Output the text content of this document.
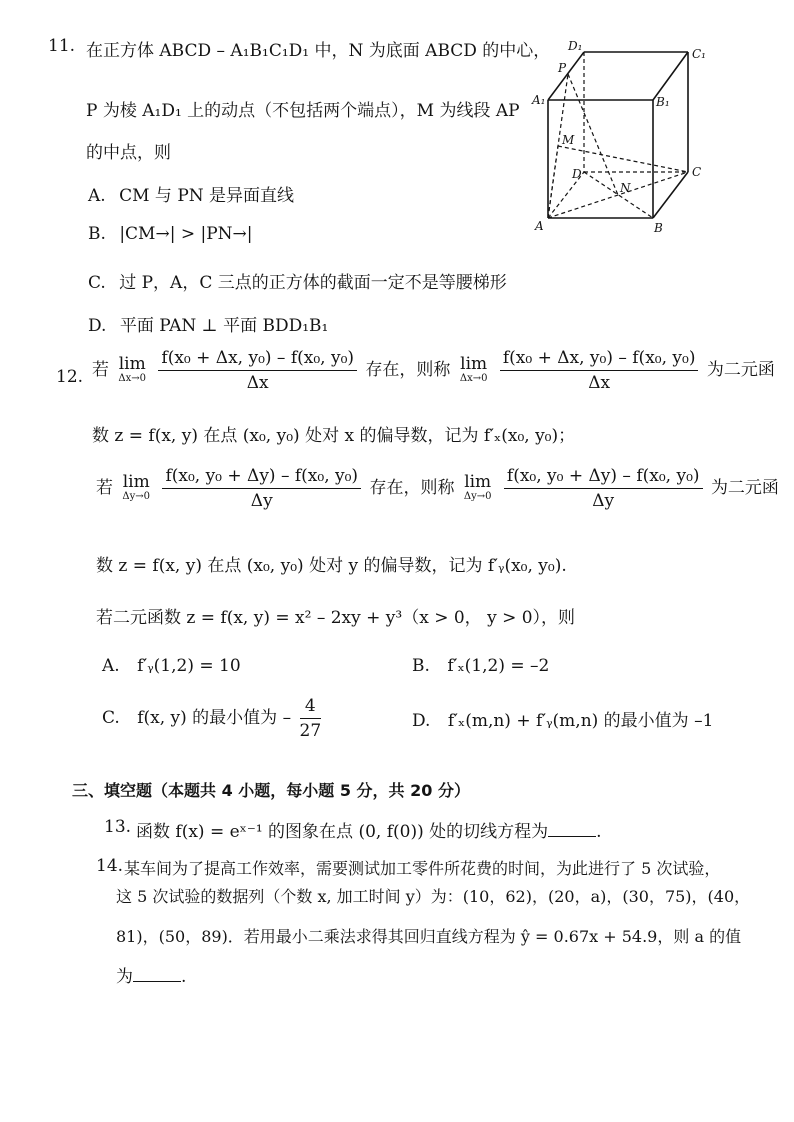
11. 在正方体 ABCD – A₁B₁C₁D₁ 中，N 为底面 ABCD 的中心，
P 为棱 A₁D₁ 上的动点（不包括两个端点），M 为线段 AP
的中点，则
A. CM 与 PN 是异面直线
B. |CM→| > |PN→|
C. 过 P，A，C 三点的正方体的截面一定不是等腰梯形
D. 平面 PAN ⊥ 平面 BDD₁B₁
D₁
C₁
P
A₁	B₁
M
D	C
N
A	B
12. 若 lim
Δx→0
$\frac{\text{f(x₀ + Δx, y₀) – f(x₀, y₀)}}{\Delta x}$ 存在，则称 lim
Δx→0
$\frac{\text{f(x₀ + Δx, y₀) – f(x₀, y₀)}}{\Delta x}$ 为二元函
数 z = f(x, y) 在点 (x₀, y₀) 处对 x 的偏导数，记为 f′ₓ(x₀, y₀)；
若 lim
Δy→0
$\frac{\text{f(x₀, y₀ + Δy) – f(x₀, y₀)}}{\Delta y}$ 存在，则称 lim
Δy→0
$\frac{\text{f(x₀, y₀ + Δy) – f(x₀, y₀)}}{\Delta y}$ 为二元函
数 z = f(x, y) 在点 (x₀, y₀) 处对 y 的偏导数，记为 f′ᵧ(x₀, y₀).
若二元函数 z = f(x, y) = x² – 2xy + y³（x > 0， y > 0），则
A. f′ᵧ(1,2) = 10	B. f′ₓ(1,2) = –2
C. f(x, y) 的最小值为 – $\frac{4}{27}$	D. f′ₓ(m,n) + f′ᵧ(m,n) 的最小值为 –1
三、填空题（本题共 4 小题，每小题 5 分，共 20 分）
13. 函数 f(x) = eˣ⁻¹ 的图象在点 (0, f(0)) 处的切线方程为	.
14. 某车间为了提高工作效率，需要测试加工零件所花费的时间，为此进行了 5 次试验，
这 5 次试验的数据列（个数 x, 加工时间 y）为：(10，62)，(20，a)，(30，75)，(40，
81)，(50，89)．若用最小二乘法求得其回归直线方程为 ŷ = 0.67x + 54.9，则 a 的值
为	.
